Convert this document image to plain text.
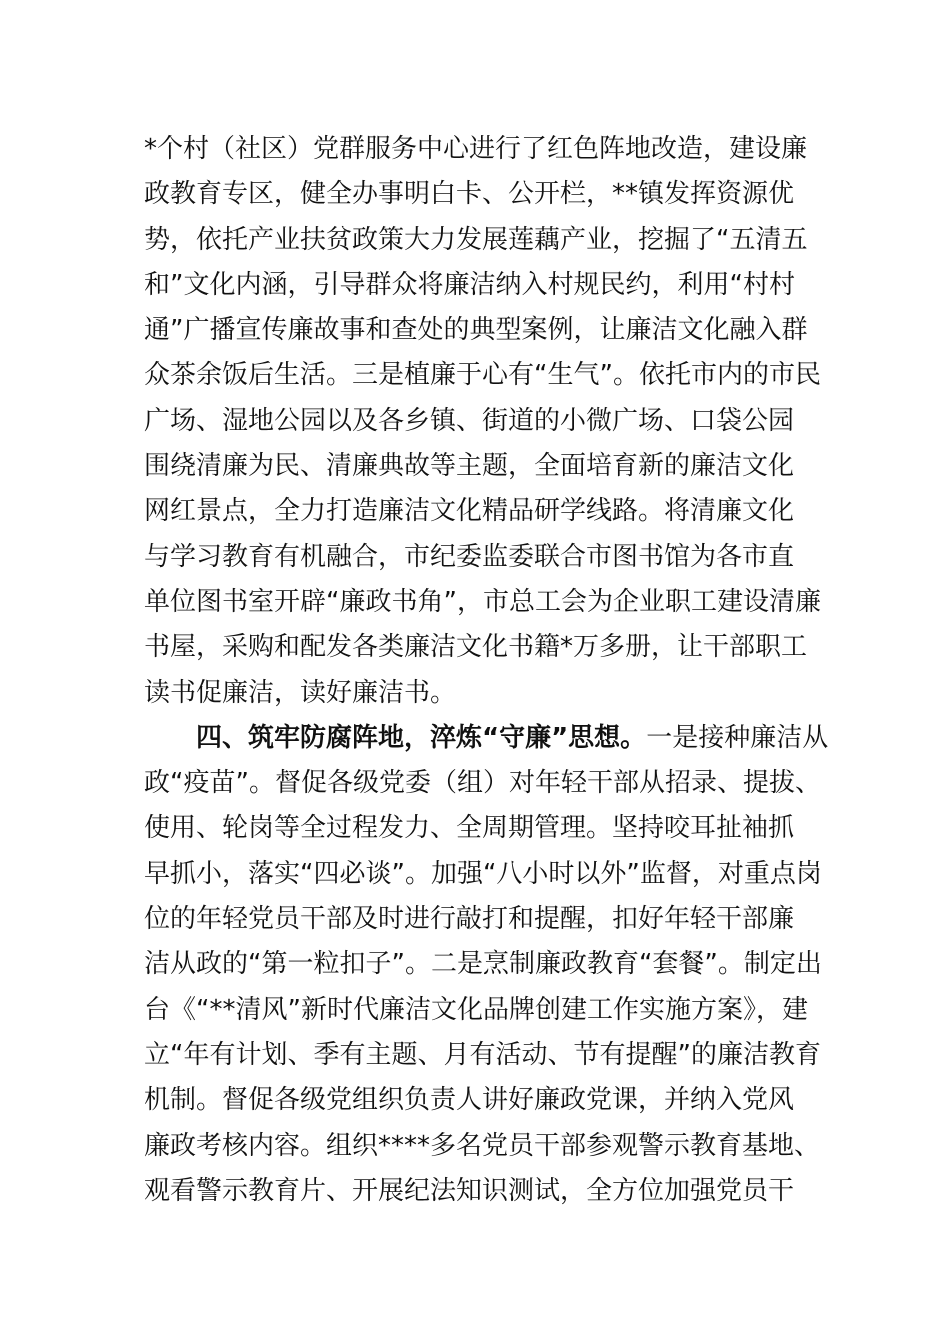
*个村（社区）党群服务中心进行了红色阵地改造，建设廉
政教育专区，健全办事明白卡、公开栏，**镇发挥资源优
势，依托产业扶贫政策大力发展莲藕产业，挖掘了“五清五
和”文化内涵，引导群众将廉洁纳入村规民约，利用“村村
通”广播宣传廉故事和查处的典型案例，让廉洁文化融入群
众茶余饭后生活。三是植廉于心有“生气”。依托市内的市民
广场、湿地公园以及各乡镇、街道的小微广场、口袋公园
围绕清廉为民、清廉典故等主题，全面培育新的廉洁文化
网红景点，全力打造廉洁文化精品研学线路。将清廉文化
与学习教育有机融合，市纪委监委联合市图书馆为各市直
单位图书室开辟“廉政书角”，市总工会为企业职工建设清廉
书屋，采购和配发各类廉洁文化书籍*万多册，让干部职工
读书促廉洁，读好廉洁书。
四、筑牢防腐阵地，淬炼“守廉”思想。一是接种廉洁从
政“疫苗”。督促各级党委（组）对年轻干部从招录、提拔、
使用、轮岗等全过程发力、全周期管理。坚持咬耳扯袖抓
早抓小，落实“四必谈”。加强“八小时以外”监督，对重点岗
位的年轻党员干部及时进行敲打和提醒，扣好年轻干部廉
洁从政的“第一粒扣子”。二是烹制廉政教育“套餐”。制定出
台《“**清风”新时代廉洁文化品牌创建工作实施方案》，建
立“年有计划、季有主题、月有活动、节有提醒”的廉洁教育
机制。督促各级党组织负责人讲好廉政党课，并纳入党风
廉政考核内容。组织****多名党员干部参观警示教育基地、
观看警示教育片、开展纪法知识测试，全方位加强党员干
